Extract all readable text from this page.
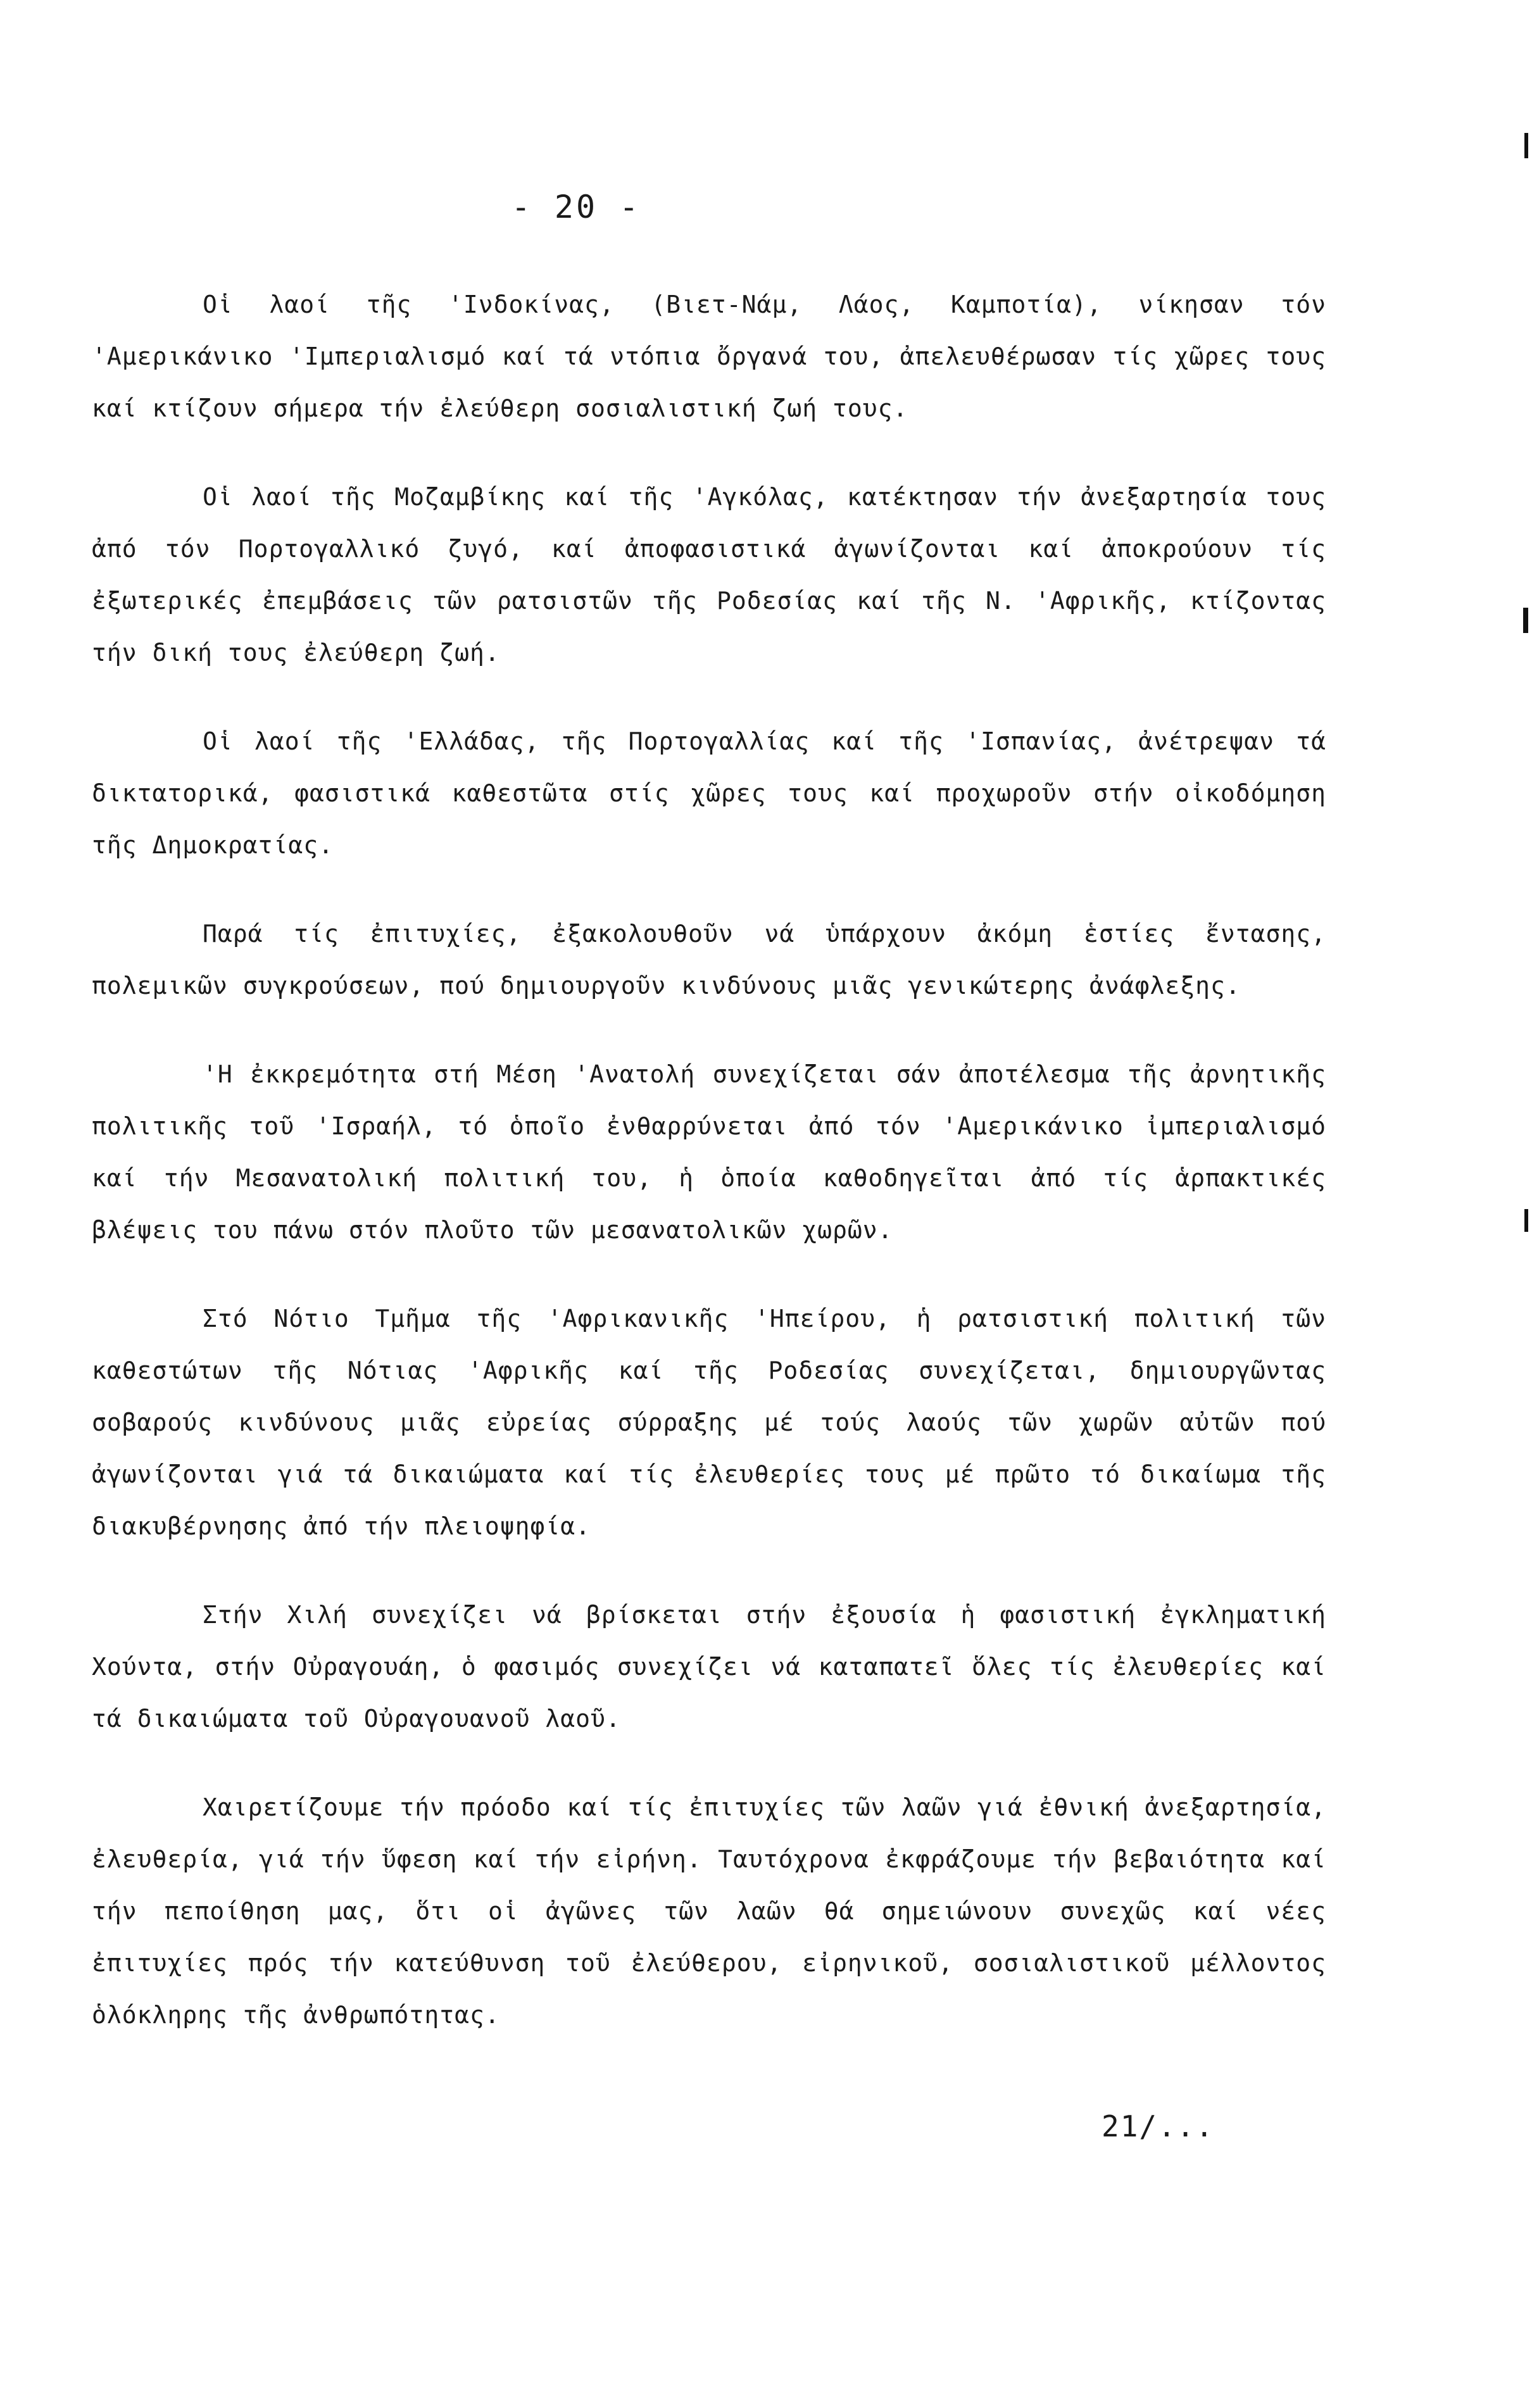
- 20 -

Οἱ λαοί τῆς 'Ινδοκίνας, (Βιετ-Νάμ, Λάος, Καμποτία), νίκησαν τόν 'Αμερικάνικο 'Ιμπεριαλισμό καί τά ντόπια ὄργανά του, ἀπελευθέρωσαν τίς χῶρες τους καί κτίζουν σήμερα τήν ἐλεύθερη σοσιαλιστική ζωή τους.

Οἱ λαοί τῆς Μοζαμβίκης καί τῆς 'Αγκόλας, κατέκτησαν τήν ἀνεξαρτησία τους ἀπό τόν Πορτογαλλικό ζυγό, καί ἀποφασιστικά ἀγωνίζονται καί ἀποκρούουν τίς ἐξωτερικές ἐπεμβάσεις τῶν ρατσιστῶν τῆς Ροδεσίας καί τῆς Ν. 'Αφρικῆς, κτίζοντας τήν δική τους ἐλεύθερη ζωή.

Οἱ λαοί τῆς 'Ελλάδας, τῆς Πορτογαλλίας καί τῆς 'Ισπανίας, ἀνέτρεψαν τά δικτατορικά, φασιστικά καθεστῶτα στίς χῶρες τους καί προχωροῦν στήν οἰκοδόμηση τῆς Δημοκρατίας.

Παρά τίς ἐπιτυχίες, ἐξακολουθοῦν νά ὑπάρχουν ἀκόμη ἑστίες ἔντασης, πολεμικῶν συγκρούσεων, πού δημιουργοῦν κινδύνους μιᾶς γενικώτερης ἀνάφλεξης.

'Η ἐκκρεμότητα στή Μέση 'Ανατολή συνεχίζεται σάν ἀποτέλεσμα τῆς ἀρνητικῆς πολιτικῆς τοῦ 'Ισραήλ, τό ὁποῖο ἐνθαρρύνεται ἀπό τόν 'Αμερικάνικο ἰμπεριαλισμό καί τήν Μεσανατολική πολιτική του, ἡ ὁποία καθοδηγεῖται ἀπό τίς ἁρπακτικές βλέψεις του πάνω στόν πλοῦτο τῶν μεσανατολικῶν χωρῶν.

Στό Νότιο Τμῆμα τῆς 'Αφρικανικῆς 'Ηπείρου, ἡ ρατσιστική πολιτική τῶν καθεστώτων τῆς Νότιας 'Αφρικῆς καί τῆς Ροδεσίας συνεχίζεται, δημιουργῶντας σοβαρούς κινδύνους μιᾶς εὐρείας σύρραξης μέ τούς λαούς τῶν χωρῶν αὐτῶν πού ἀγωνίζονται γιά τά δικαιώματα καί τίς ἐλευθερίες τους μέ πρῶτο τό δικαίωμα τῆς διακυβέρνησης ἀπό τήν πλειοψηφία.

Στήν Χιλή συνεχίζει νά βρίσκεται στήν ἐξουσία ἡ φασιστική ἐγκληματική Χούντα, στήν Οὐραγουάη, ὁ φασιμός συνεχίζει νά καταπατεῖ ὅλες τίς ἐλευθερίες καί τά δικαιώματα τοῦ Οὐραγουανοῦ λαοῦ.

Χαιρετίζουμε τήν πρόοδο καί τίς ἐπιτυχίες τῶν λαῶν γιά ἐθνική ἀνεξαρτησία, ἐλευθερία, γιά τήν ὕφεση καί τήν εἰρήνη. Ταυτόχρονα ἐκφράζουμε τήν βεβαιότητα καί τήν πεποίθηση μας, ὅτι οἱ ἀγῶνες τῶν λαῶν θά σημειώνουν συνεχῶς καί νέες ἐπιτυχίες πρός τήν κατεύθυνση τοῦ ἐλεύθερου, εἰρηνικοῦ, σοσιαλιστικοῦ μέλλοντος ὁλόκληρης τῆς ἀνθρωπότητας.

21/...
